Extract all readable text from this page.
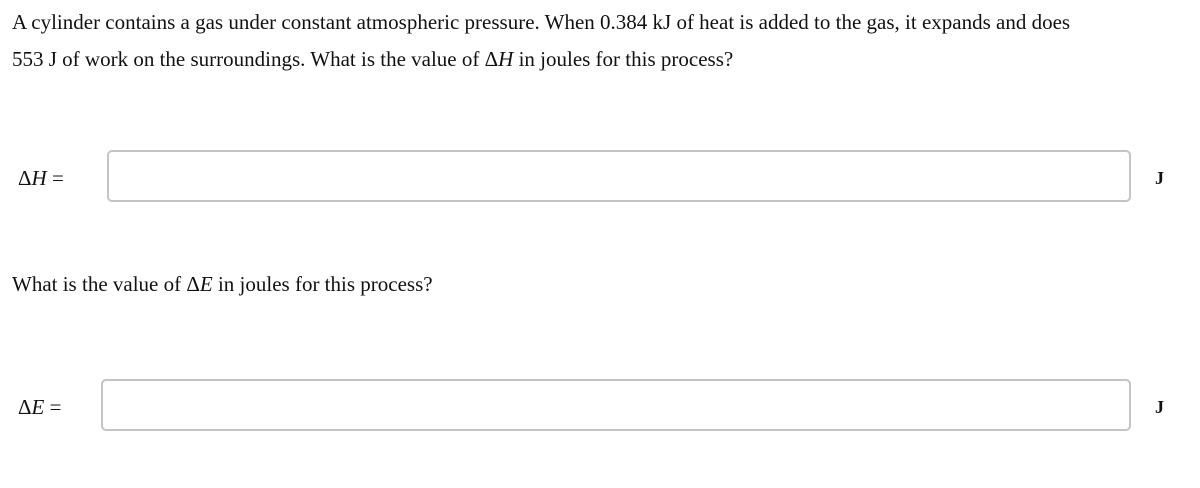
A cylinder contains a gas under constant atmospheric pressure. When 0.384 kJ of heat is added to the gas, it expands and does
553 J of work on the surroundings. What is the value of ΔH in joules for this process?
ΔH =	J
What is the value of ΔE in joules for this process?
ΔE =	J
